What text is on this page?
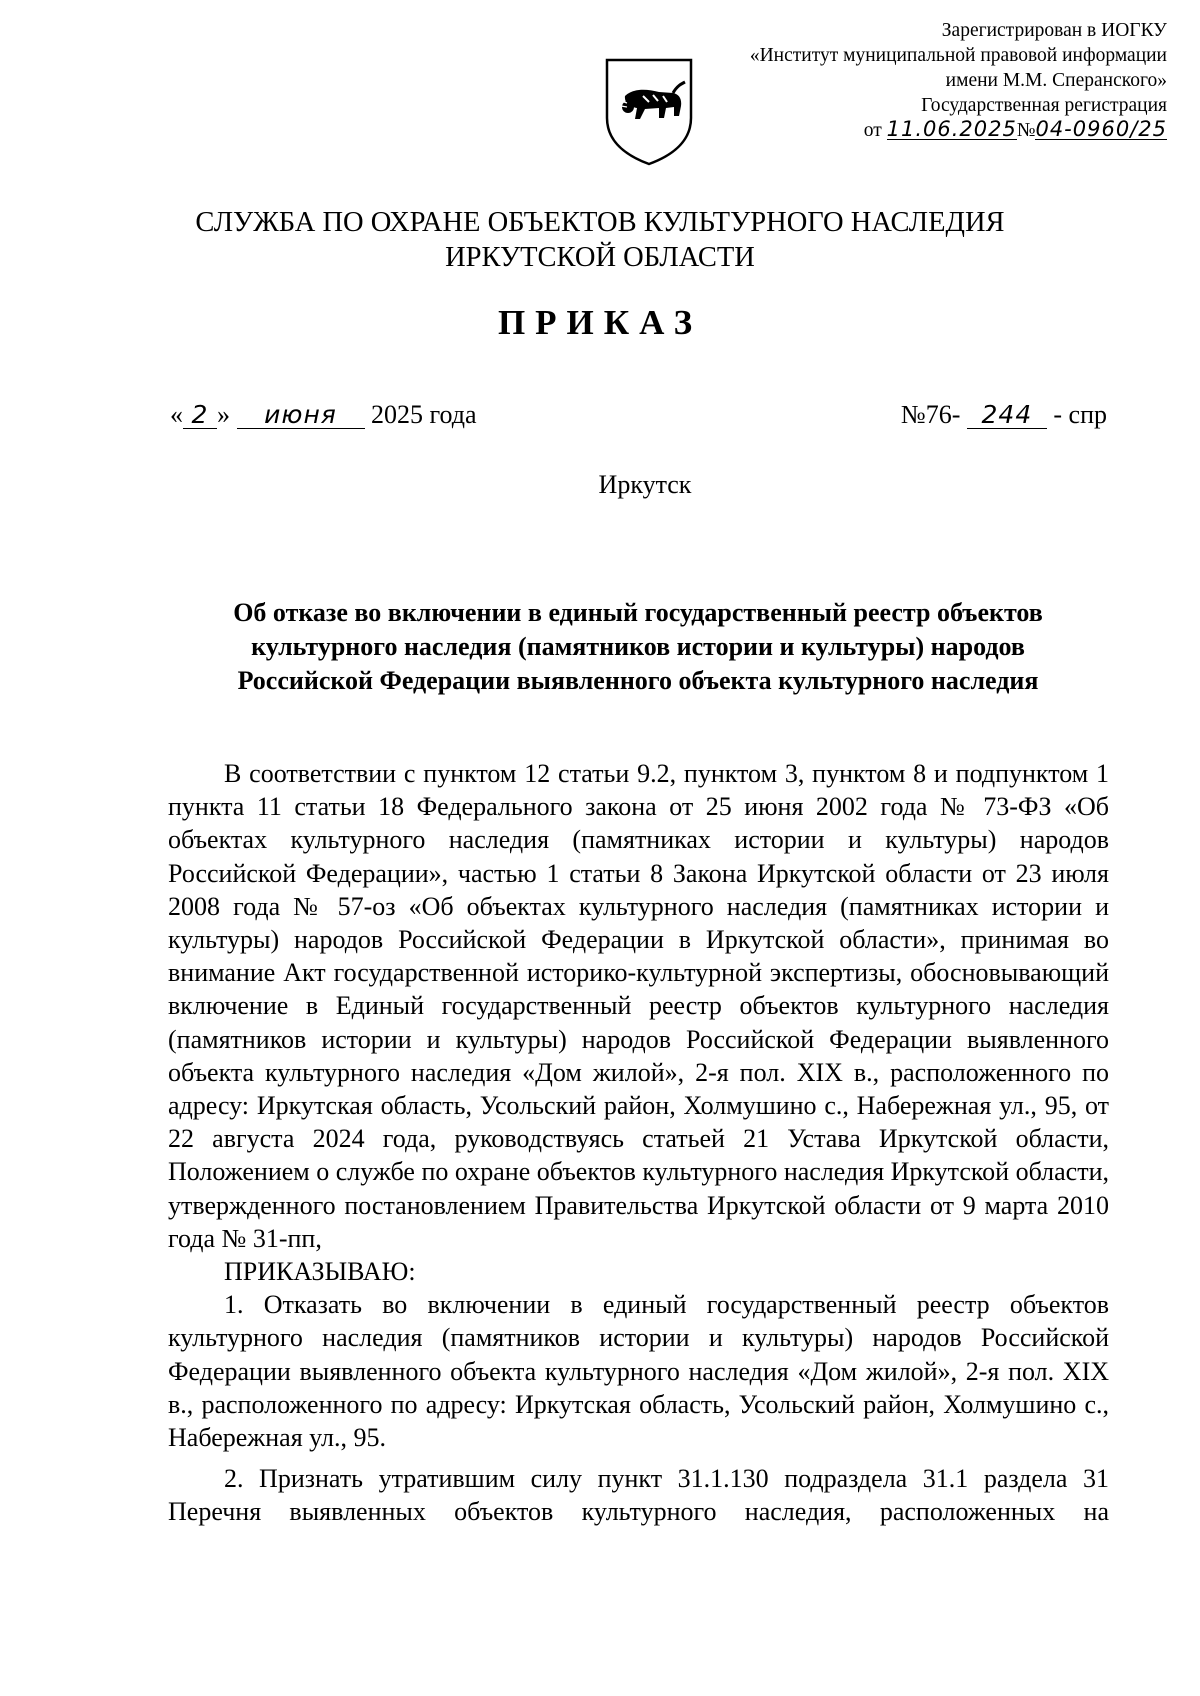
Зарегистрирован в ИОГКУ
«Институт муниципальной правовой информации
имени М.М. Сперанского»
Государственная регистрация
от 11.06.2025№04-0960/25
СЛУЖБА ПО ОХРАНЕ ОБЪЕКТОВ КУЛЬТУРНОГО НАСЛЕДИЯ
ИРКУТСКОЙ ОБЛАСТИ
ПРИКАЗ
« 2 » июня 2025 года	№76- 244 - спр
Иркутск
Об отказе во включении в единый государственный реестр объектов
культурного наследия (памятников истории и культуры) народов
Российской Федерации выявленного объекта культурного наследия

В соответствии с пунктом 12 статьи 9.2, пунктом 3, пунктом 8 и подпунктом 1 пункта 11 статьи 18 Федерального закона от 25 июня 2002 года № 73-ФЗ «Об объектах культурного наследия (памятниках истории и культуры) народов Российской Федерации», частью 1 статьи 8 Закона Иркутской области от 23 июля 2008 года № 57-оз «Об объектах культурного наследия (памятниках истории и культуры) народов Российской Федерации в Иркутской области», принимая во внимание Акт государственной историко-культурной экспертизы, обосновывающий включение в Единый государственный реестр объектов культурного наследия (памятников истории и культуры) народов Российской Федерации выявленного объекта культурного наследия «Дом жилой», 2-я пол. XIX в., расположенного по адресу: Иркутская область, Усольский район, Холмушино с., Набережная ул., 95, от 22 августа 2024 года, руководствуясь статьей 21 Устава Иркутской области, Положением о службе по охране объектов культурного наследия Иркутской области, утвержденного постановлением Правительства Иркутской области от 9 марта 2010 года № 31-пп,

ПРИКАЗЫВАЮ:

1. Отказать во включении в единый государственный реестр объектов культурного наследия (памятников истории и культуры) народов Российской Федерации выявленного объекта культурного наследия «Дом жилой», 2-я пол. XIX в., расположенного по адресу: Иркутская область, Усольский район, Холмушино с., Набережная ул., 95.

2. Признать утратившим силу пункт 31.1.130 подраздела 31.1 раздела 31 Перечня выявленных объектов культурного наследия, расположенных на
